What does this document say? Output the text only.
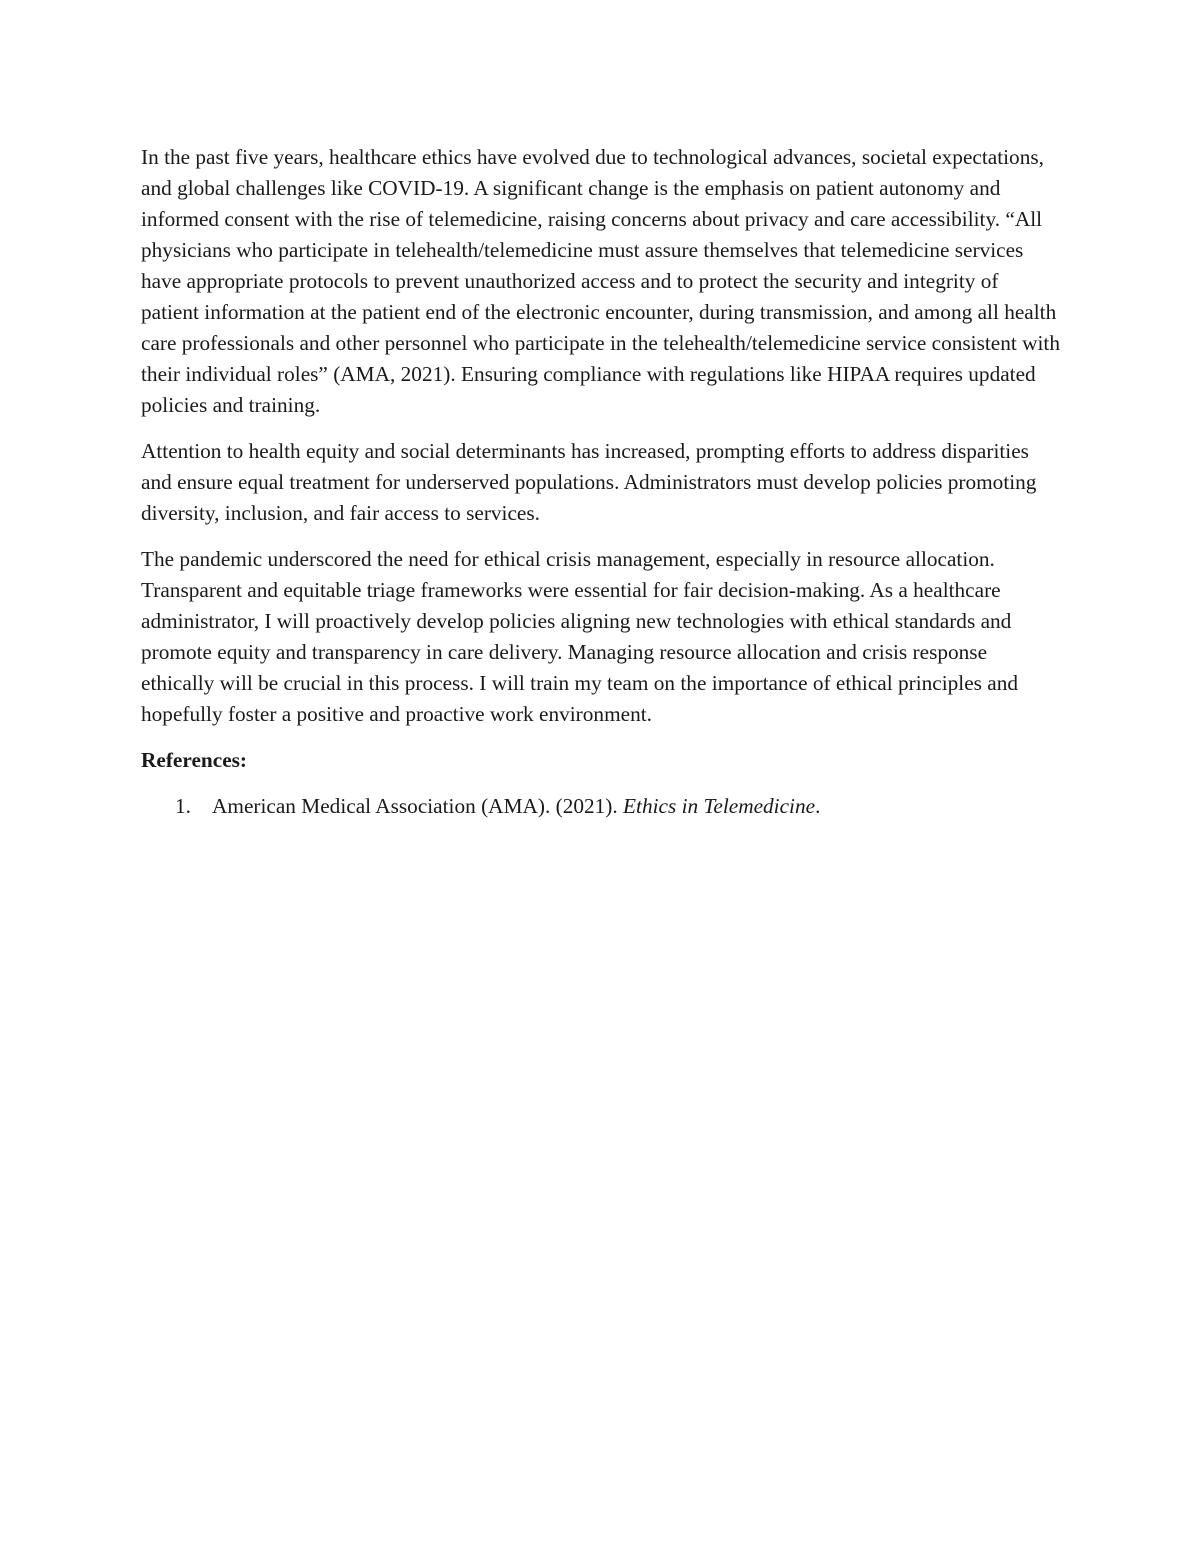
In the past five years, healthcare ethics have evolved due to technological advances, societal expectations, and global challenges like COVID-19. A significant change is the emphasis on patient autonomy and informed consent with the rise of telemedicine, raising concerns about privacy and care accessibility. “All physicians who participate in telehealth/telemedicine must assure themselves that telemedicine services have appropriate protocols to prevent unauthorized access and to protect the security and integrity of patient information at the patient end of the electronic encounter, during transmission, and among all health care professionals and other personnel who participate in the telehealth/telemedicine service consistent with their individual roles” (AMA, 2021). Ensuring compliance with regulations like HIPAA requires updated policies and training.

Attention to health equity and social determinants has increased, prompting efforts to address disparities and ensure equal treatment for underserved populations. Administrators must develop policies promoting diversity, inclusion, and fair access to services.

The pandemic underscored the need for ethical crisis management, especially in resource allocation. Transparent and equitable triage frameworks were essential for fair decision-making. As a healthcare administrator, I will proactively develop policies aligning new technologies with ethical standards and promote equity and transparency in care delivery. Managing resource allocation and crisis response ethically will be crucial in this process. I will train my team on the importance of ethical principles and hopefully foster a positive and proactive work environment.

References:

1. American Medical Association (AMA). (2021). Ethics in Telemedicine.
